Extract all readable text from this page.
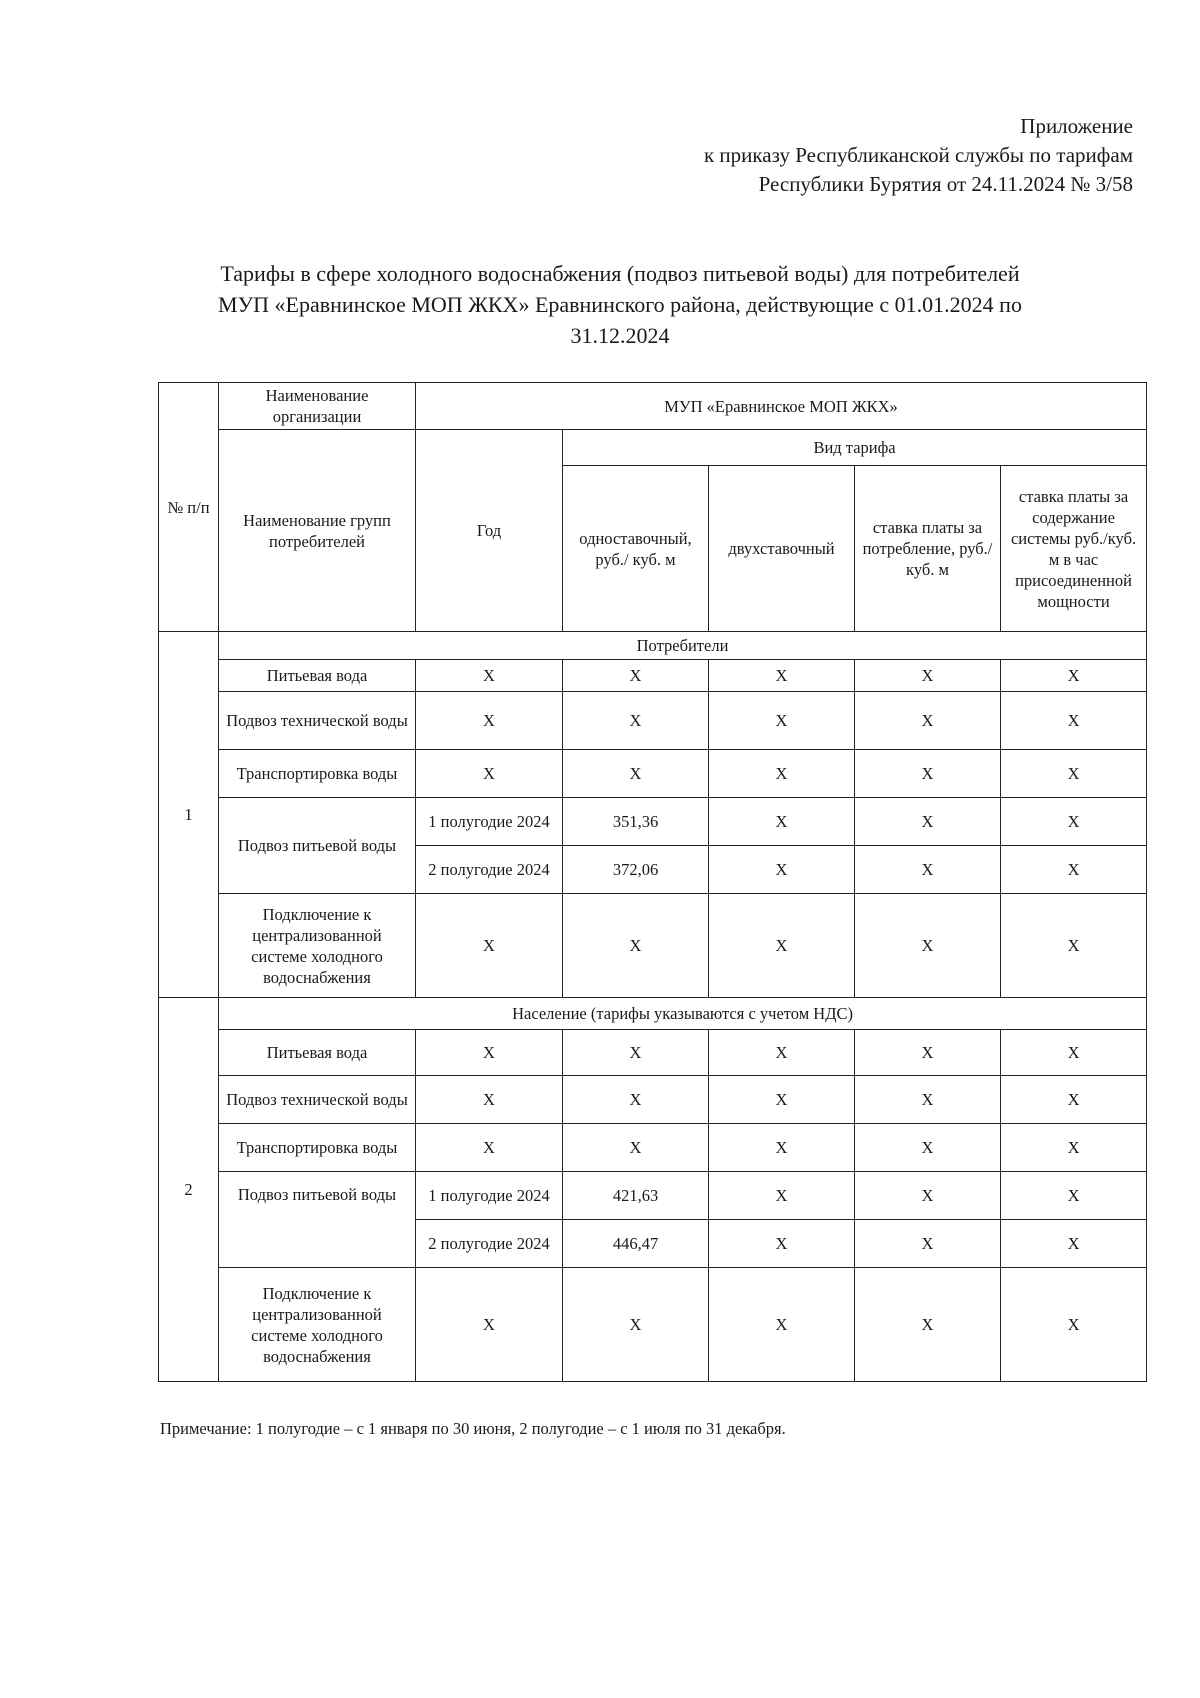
Приложение
к приказу Республиканской службы по тарифам
Республики Бурятия от 24.11.2024 № 3/58
Тарифы в сфере холодного водоснабжения (подвоз питьевой воды) для потребителей
МУП «Еравнинское МОП ЖКХ» Еравнинского района, действующие с 01.01.2024 по
31.12.2024
№ п/п	Наименование организации	МУП «Еравнинское МОП ЖКХ»				
	Наименование групп потребителей	Год	Вид тарифа			
			одноставочный, руб./ куб. м	двухставочный	ставка платы за потребление, руб./ куб. м	ставка платы за содержание системы руб./куб. м в час присоединенной мощности
1	Потребители					
	Питьевая вода	Х	Х	Х	Х	Х
	Подвоз технической воды	Х	Х	Х	Х	Х
	Транспортировка воды	Х	Х	Х	Х	Х
	Подвоз питьевой воды	1 полугодие 2024	351,36	Х	Х	Х
		2 полугодие 2024	372,06	Х	Х	Х
	Подключение к централизованной системе холодного водоснабжения	Х	Х	Х	Х	Х
2	Население (тарифы указываются с учетом НДС)					
	Питьевая вода	Х	Х	Х	Х	Х
	Подвоз технической воды	Х	Х	Х	Х	Х
	Транспортировка воды	Х	Х	Х	Х	Х
	Подвоз питьевой воды	1 полугодие 2024	421,63	Х	Х	Х
		2 полугодие 2024	446,47	Х	Х	Х
	Подключение к централизованной системе холодного водоснабжения	Х	Х	Х	Х	Х
Примечание: 1 полугодие – с 1 января по 30 июня, 2 полугодие – с 1 июля по 31 декабря.
